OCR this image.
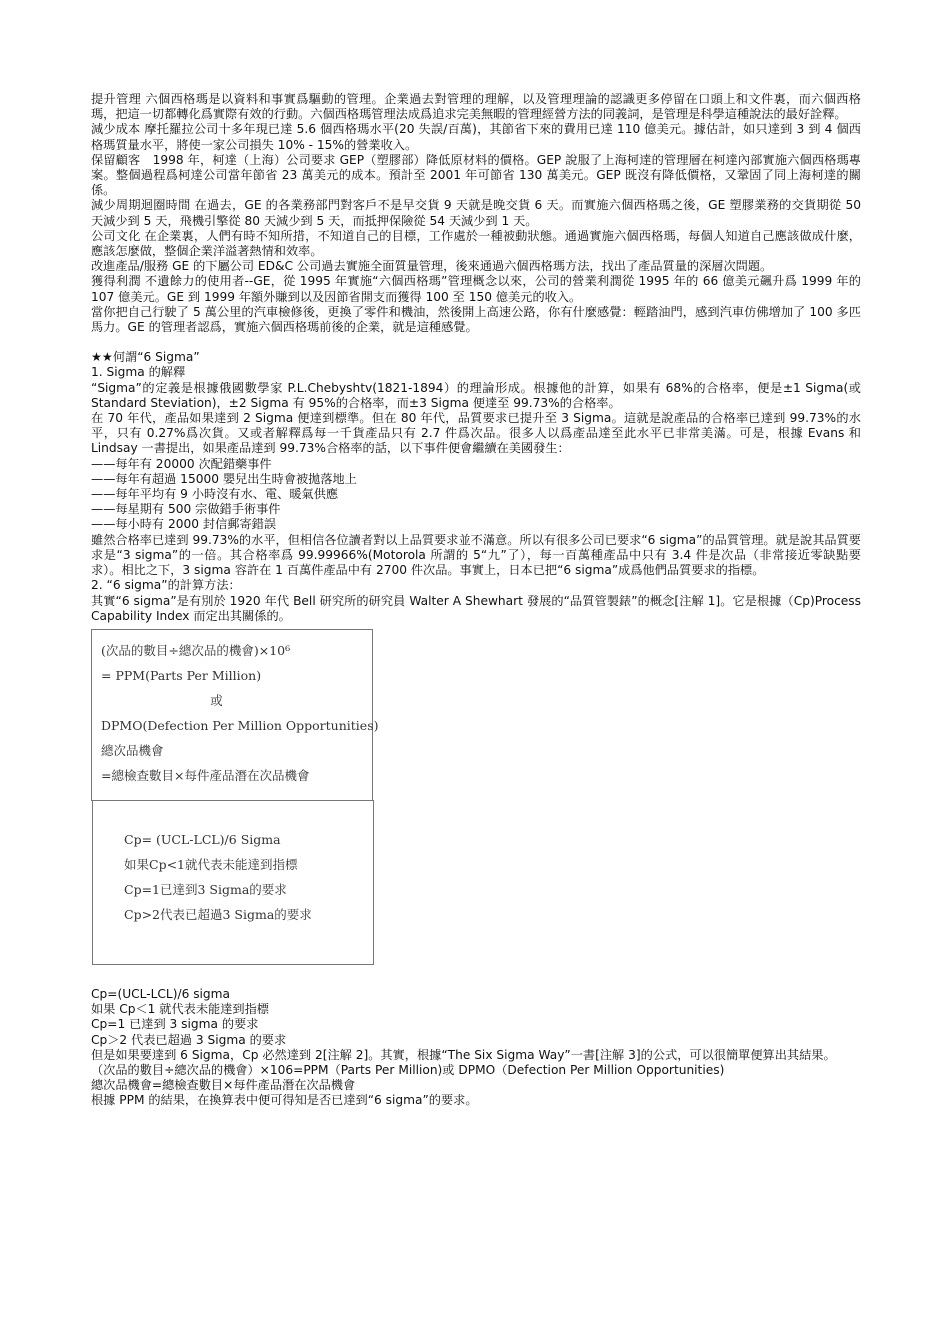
提升管理 六個西格瑪是以資料和事實爲驅動的管理。企業過去對管理的理解，以及管理理論的認識更多停留在口頭上和文件裏，而六個西格瑪，把這一切都轉化爲實際有效的行動。六個西格瑪管理法成爲追求完美無暇的管理經營方法的同義詞，是管理是科學這種說法的最好詮釋。

減少成本 摩托羅拉公司十多年現已達 5.6 個西格瑪水平(20 失誤/百萬)，其節省下來的費用已達 110 億美元。據估計，如只達到 3 到 4 個西格瑪質量水平，將使一家公司損失 10% - 15%的營業收入。

保留顧客　1998 年，柯達（上海）公司要求 GEP（塑膠部）降低原材料的價格。GEP 說服了上海柯達的管理層在柯達內部實施六個西格瑪專案。整個過程爲柯達公司當年節省 23 萬美元的成本。預計至 2001 年可節省 130 萬美元。GEP 既沒有降低價格，又鞏固了同上海柯達的關係。

減少周期迴圈時間 在過去，GE 的各業務部門對客戶不是早交貨 9 天就是晚交貨 6 天。而實施六個西格瑪之後，GE 塑膠業務的交貨期從 50 天減少到 5 天，飛機引擎從 80 天減少到 5 天，而抵押保險從 54 天減少到 1 天。

公司文化 在企業裏，人們有時不知所措，不知道自己的目標，工作處於一種被動狀態。通過實施六個西格瑪，每個人知道自己應該做成什麼，應該怎麼做，整個企業洋溢著熱情和效率。

改進產品/服務 GE 的下屬公司 ED&C 公司過去實施全面質量管理，後來通過六個西格瑪方法，找出了產品質量的深層次問題。

獲得利潤 不遺餘力的使用者--GE，從 1995 年實施“六個西格瑪”管理概念以來，公司的營業利潤從 1995 年的 66 億美元飆升爲 1999 年的 107 億美元。GE 到 1999 年額外賺到以及因節省開支而獲得 100 至 150 億美元的收入。

當你把自己行駛了 5 萬公里的汽車檢修後，更換了零件和機油，然後開上高速公路，你有什麼感覺：輕踏油門，感到汽車仿佛增加了 100 多匹馬力。GE 的管理者認爲，實施六個西格瑪前後的企業，就是這種感覺。

★★何謂“6 Sigma”

1. Sigma 的解釋

“Sigma”的定義是根據俄國數學家 P.L.Chebyshtv(1821-1894）的理論形成。根據他的計算，如果有 68%的合格率，便是±1 Sigma(或 Standard Steviation)，±2 Sigma 有 95%的合格率，而±3 Sigma 便達至 99.73%的合格率。

在 70 年代，產品如果達到 2 Sigma 便達到標準。但在 80 年代，品質要求已提升至 3 Sigma。這就是說產品的合格率已達到 99.73%的水平，只有 0.27%爲次貨。又或者解釋爲每一千貨產品只有 2.7 件爲次品。很多人以爲產品達至此水平已非常美滿。可是，根據 Evans 和 Lindsay 一書提出，如果產品達到 99.73%合格率的話，以下事件便會繼續在美國發生：

——每年有 20000 次配錯藥事件

——每年有超過 15000 嬰兒出生時會被拋落地上

——每年平均有 9 小時沒有水、電、暖氣供應

——每星期有 500 宗做錯手術事件

——每小時有 2000 封信郵寄錯誤

雖然合格率已達到 99.73%的水平，但相信各位讀者對以上品質要求並不滿意。所以有很多公司已要求“6 sigma”的品質管理。就是說其品質要求是“3 sigma”的一倍。其合格率爲 99.99966%(Motorola 所謂的 5“九”了），每一百萬種產品中只有 3.4 件是次品（非常接近零缺點要求）。相比之下，3 sigma 容許在 1 百萬件產品中有 2700 件次品。事實上，日本已把“6 sigma”成爲他們品質要求的指標。

2. “6 sigma”的計算方法：

其實“6 sigma”是有別於 1920 年代 Bell 研究所的研究員 Walter A Shewhart 發展的“品質管製錶”的概念[注解 1]。它是根據（Cp)Process Capability Index 而定出其關係的。

(次品的數目÷總次品的機會)×10⁶

= PPM(Parts Per Million)

或

DPMO(Defection Per Million Opportunities)

總次品機會

=總檢查數目×每件產品潛在次品機會

Cp= (UCL-LCL)/6 Sigma

如果Cp<1就代表未能達到指標

Cp=1已達到3 Sigma的要求

Cp>2代表已超過3 Sigma的要求

Cp=(UCL-LCL)/6 sigma

如果 Cp＜1 就代表未能達到指標

Cp=1 已達到 3 sigma 的要求

Cp＞2 代表已超過 3 Sigma 的要求

但是如果要達到 6 Sigma，Cp 必然達到 2[注解 2]。其實，根據“The Six Sigma Way”一書[注解 3]的公式，可以很簡單便算出其結果。

（次品的數目÷總次品的機會）×106=PPM（Parts Per Million)或 DPMO（Defection Per Million Opportunities)

總次品機會=總檢查數目×每件產品潛在次品機會

根據 PPM 的結果，在換算表中便可得知是否已達到“6 sigma”的要求。
